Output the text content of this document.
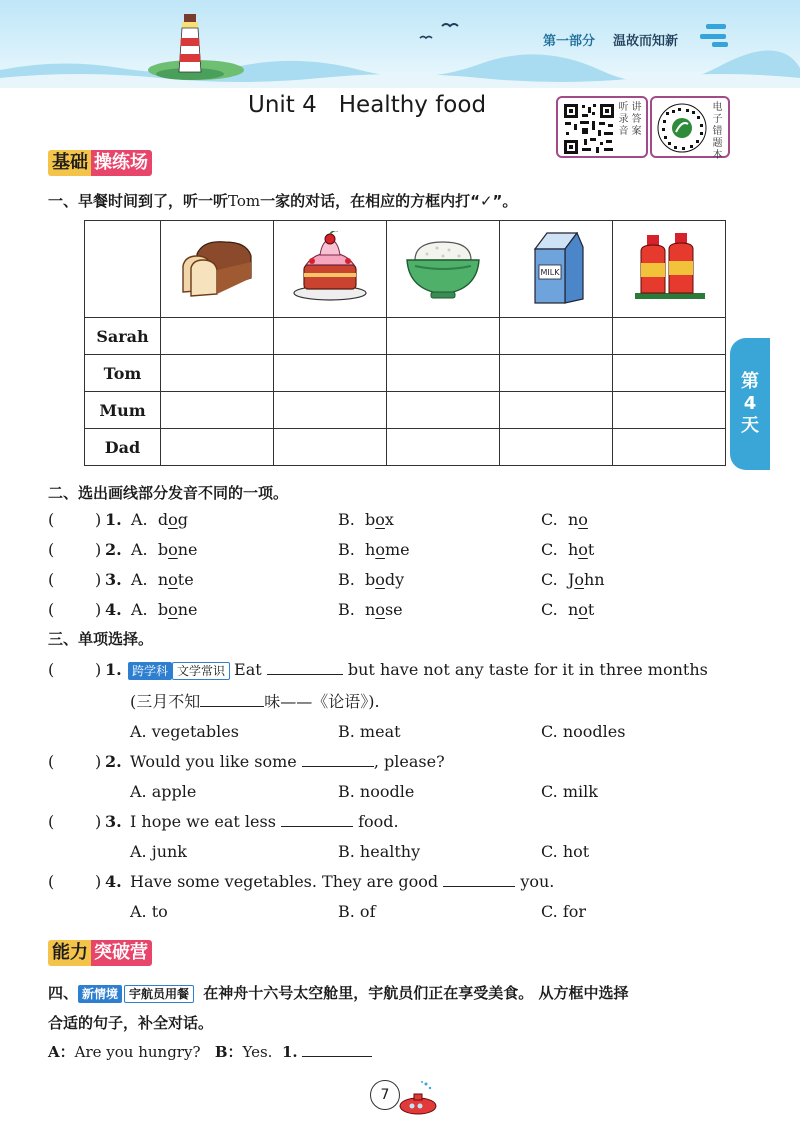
第一部分 温故而知新
Unit 4 Healthy food	听 讲
录 答
音 案
电
子
错
题
本
基础 操练场
一、早餐时间到了，听一听Tom一家的对话，在相应的方框内打“✓”。

MILK

Sarah					
Tom					
Mum					
Dad					
第
4
天
二、选出画线部分发音不同的一项。
(	) 1. A. dog	B. box	C. no
(	) 2. A. bone	B. home	C. hot
(	) 3. A. note	B. body	C. John
(	) 4. A. bone	B. nose	C. not
三、单项选择。
(	) 1. 跨学科 文学常识 Eat	but have not any taste for it in three months
(三月不知	味——《论语》).
A. vegetables	B. meat	C. noodles
(	) 2. Would you like some	, please?
A. apple	B. noodle	C. milk
(	) 3. I hope we eat less	food.
A. junk	B. healthy	C. hot
(	) 4. Have some vegetables. They are good	you.
A. to	B. of	C. for
能力 突破营
四、 新情境 宇航员用餐 在神舟十六号太空舱里，宇航员们正在享受美食。 从方框中选择
合适的句子，补全对话。
A：Are you hungry? B：Yes. 1.
7
